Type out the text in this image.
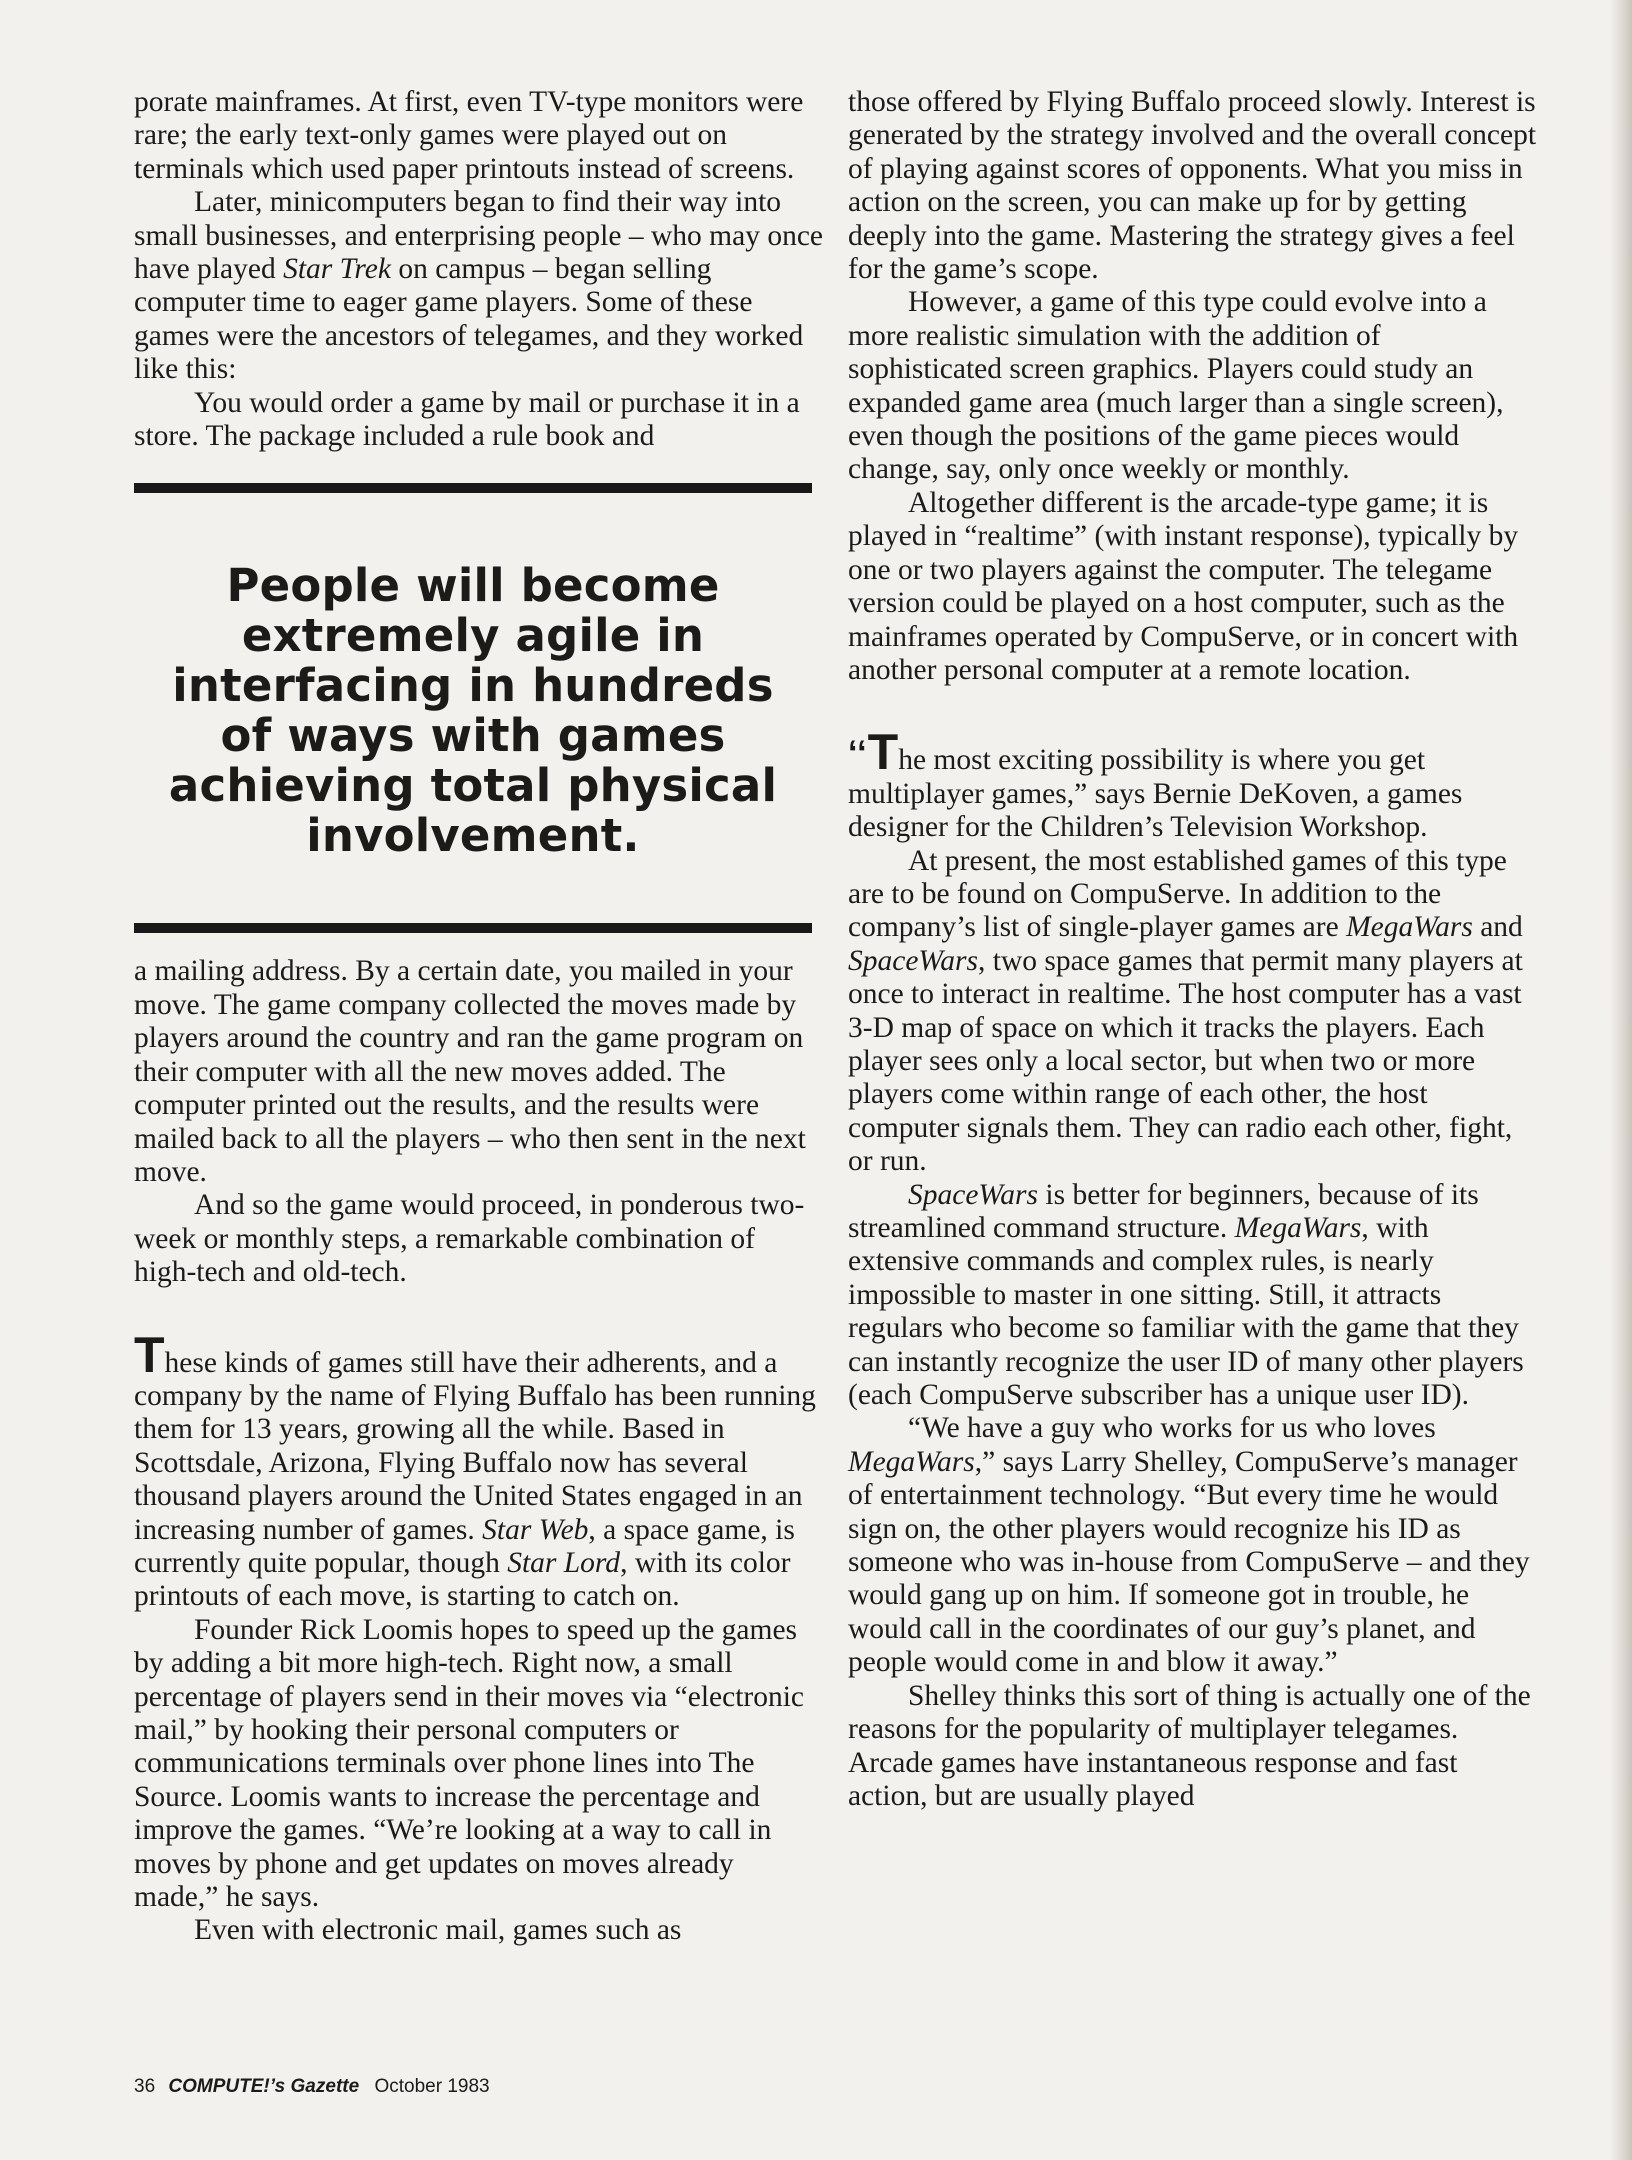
porate mainframes. At first, even TV-type monitors were rare; the early text-only games were played out on terminals which used paper printouts instead of screens.

Later, minicomputers began to find their way into small businesses, and enterprising people – who may once have played Star Trek on campus – began selling computer time to eager game players. Some of these games were the ancestors of telegames, and they worked like this:

You would order a game by mail or purchase it in a store. The package included a rule book and

People will become extremely agile in interfacing in hundreds of ways with games achieving total physical involvement.

a mailing address. By a certain date, you mailed in your move. The game company collected the moves made by players around the country and ran the game program on their computer with all the new moves added. The computer printed out the results, and the results were mailed back to all the players – who then sent in the next move.

And so the game would proceed, in ponderous two-week or monthly steps, a remarkable combination of high-tech and old-tech.

These kinds of games still have their adherents, and a company by the name of Flying Buffalo has been running them for 13 years, growing all the while. Based in Scottsdale, Arizona, Flying Buffalo now has several thousand players around the United States engaged in an increasing number of games. Star Web, a space game, is currently quite popular, though Star Lord, with its color printouts of each move, is starting to catch on.

Founder Rick Loomis hopes to speed up the games by adding a bit more high-tech. Right now, a small percentage of players send in their moves via “electronic mail,” by hooking their personal computers or communications terminals over phone lines into The Source. Loomis wants to increase the percentage and improve the games. “We’re looking at a way to call in moves by phone and get updates on moves already made,” he says.

Even with electronic mail, games such as

those offered by Flying Buffalo proceed slowly. Interest is generated by the strategy involved and the overall concept of playing against scores of opponents. What you miss in action on the screen, you can make up for by getting deeply into the game. Mastering the strategy gives a feel for the game’s scope.

However, a game of this type could evolve into a more realistic simulation with the addition of sophisticated screen graphics. Players could study an expanded game area (much larger than a single screen), even though the positions of the game pieces would change, say, only once weekly or monthly.

Altogether different is the arcade-type game; it is played in “realtime” (with instant response), typically by one or two players against the computer. The telegame version could be played on a host computer, such as the mainframes operated by CompuServe, or in concert with another personal computer at a remote location.

‘‘The most exciting possibility is where you get multiplayer games,” says Bernie DeKoven, a games designer for the Children’s Television Workshop.

At present, the most established games of this type are to be found on CompuServe. In addition to the company’s list of single-player games are MegaWars and SpaceWars, two space games that permit many players at once to interact in realtime. The host computer has a vast 3-D map of space on which it tracks the players. Each player sees only a local sector, but when two or more players come within range of each other, the host computer signals them. They can radio each other, fight, or run.

SpaceWars is better for beginners, because of its streamlined command structure. MegaWars, with extensive commands and complex rules, is nearly impossible to master in one sitting. Still, it attracts regulars who become so familiar with the game that they can instantly recognize the user ID of many other players (each CompuServe subscriber has a unique user ID).

“We have a guy who works for us who loves MegaWars,” says Larry Shelley, CompuServe’s manager of entertainment technology. “But every time he would sign on, the other players would recognize his ID as someone who was in-house from CompuServe – and they would gang up on him. If someone got in trouble, he would call in the coordinates of our guy’s planet, and people would come in and blow it away.”

Shelley thinks this sort of thing is actually one of the reasons for the popularity of multiplayer telegames. Arcade games have instantaneous response and fast action, but are usually played

36 COMPUTE!’s Gazette October 1983
